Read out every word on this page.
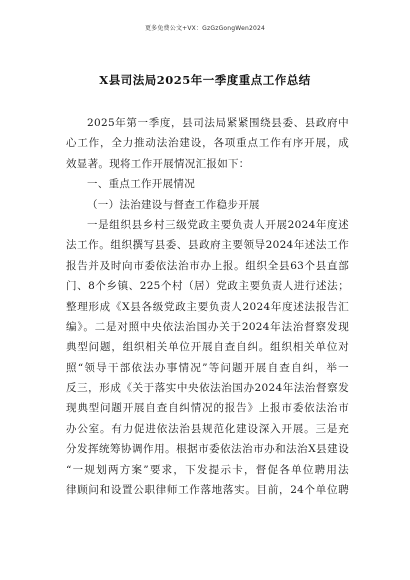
更多免费公文+VX：GzGzGongWen2024
X县司法局2025年一季度重点工作总结
2025年第一季度，县司法局紧紧围绕县委、县政府中
心工作，全力推动法治建设，各项重点工作有序开展，成
效显著。现将工作开展情况汇报如下：
一、重点工作开展情况
（一）法治建设与督查工作稳步开展
一是组织县乡村三级党政主要负责人开展2024年度述
法工作。组织撰写县委、县政府主要领导2024年述法工作
报告并及时向市委依法治市办上报。组织全县63个县直部
门、8个乡镇、225个村（居）党政主要负责人进行述法；
整理形成《X县各级党政主要负责人2024年度述法报告汇
编》。二是对照中央依法治国办关于2024年法治督察发现
典型问题，组织相关单位开展自查自纠。组织相关单位对
照“领导干部依法办事情况”等问题开展自查自纠，举一
反三，形成《关于落实中央依法治国办2024年法治督察发
现典型问题开展自查自纠情况的报告》上报市委依法治市
办公室。有力促进依法治县规范化建设深入开展。三是充
分发挥统筹协调作用。根据市委依法治市办和法治X县建设
“一规划两方案”要求，下发提示卡，督促各单位聘用法
律顾问和设置公职律师工作落地落实。目前，24个单位聘
